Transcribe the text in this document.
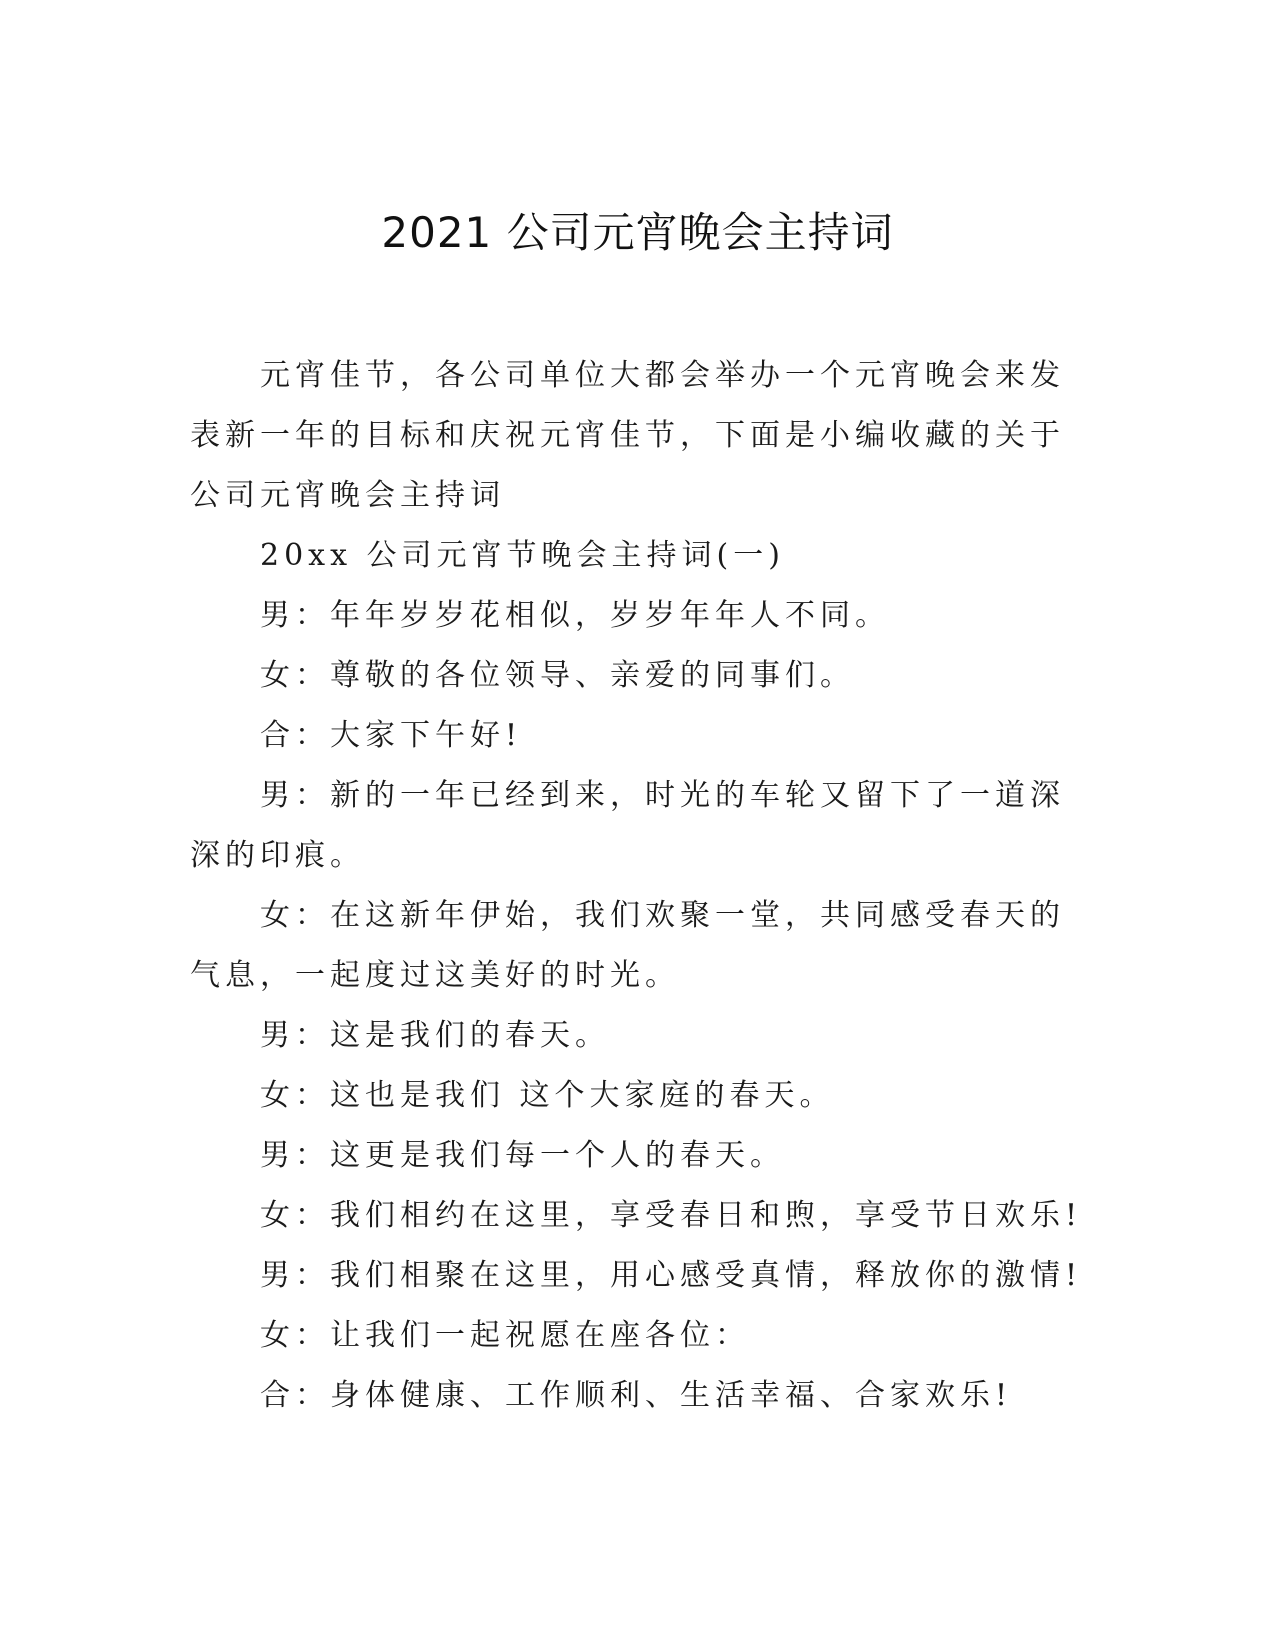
2021 公司元宵晚会主持词

元宵佳节，各公司单位大都会举办一个元宵晚会来发表新一年的目标和庆祝元宵佳节，下面是小编收藏的关于公司元宵晚会主持词

20xx 公司元宵节晚会主持词(一)

男：年年岁岁花相似，岁岁年年人不同。

女：尊敬的各位领导、亲爱的同事们。

合：大家下午好!

男：新的一年已经到来，时光的车轮又留下了一道深深的印痕。

女：在这新年伊始，我们欢聚一堂，共同感受春天的气息，一起度过这美好的时光。

男：这是我们的春天。

女：这也是我们 这个大家庭的春天。

男：这更是我们每一个人的春天。

女：我们相约在这里，享受春日和煦，享受节日欢乐!

男：我们相聚在这里，用心感受真情，释放你的激情!

女：让我们一起祝愿在座各位：

合：身体健康、工作顺利、生活幸福、合家欢乐!
